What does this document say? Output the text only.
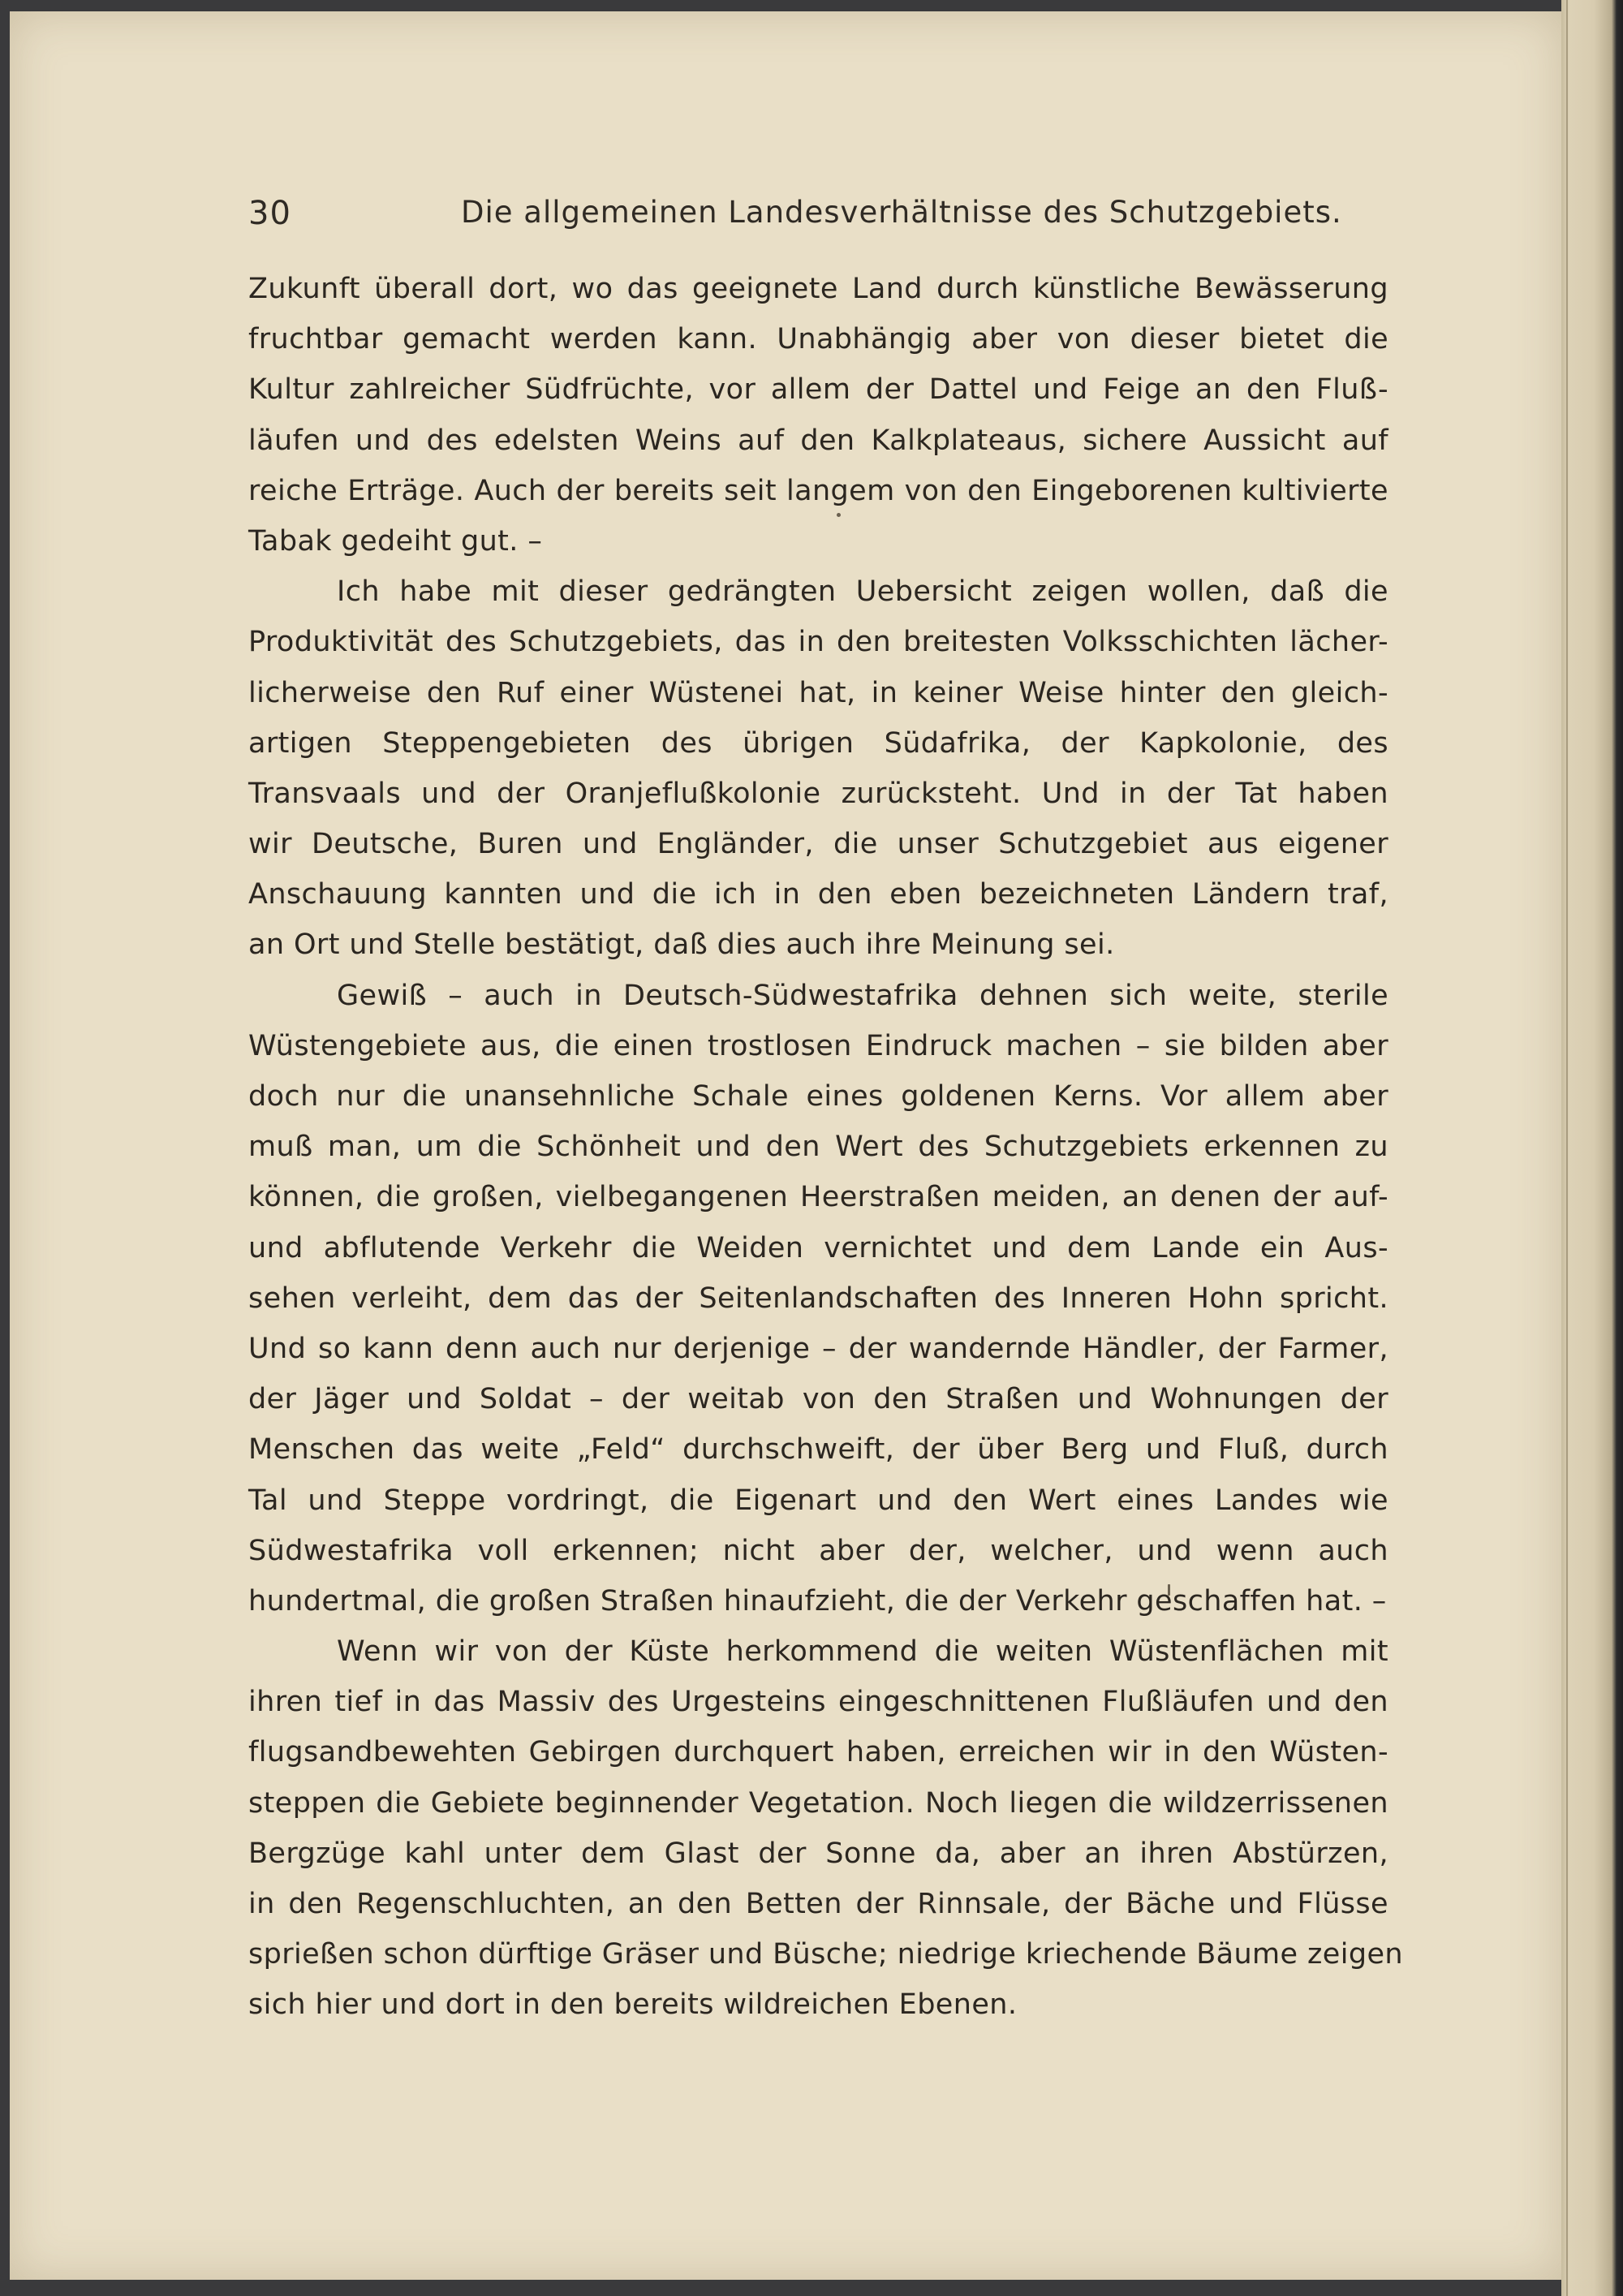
30	Die allgemeinen Landesverhältnisse des Schutzgebiets.
Zukunft überall dort, wo das geeignete Land durch künstliche Bewässerung
fruchtbar gemacht werden kann. Unabhängig aber von dieser bietet die
Kultur zahlreicher Südfrüchte, vor allem der Dattel und Feige an den Fluß-
läufen und des edelsten Weins auf den Kalkplateaus, sichere Aussicht auf
reiche Erträge. Auch der bereits seit langem von den Eingeborenen kultivierte
Tabak gedeiht gut. –
Ich habe mit dieser gedrängten Uebersicht zeigen wollen, daß die
Produktivität des Schutzgebiets, das in den breitesten Volksschichten lächer-
licherweise den Ruf einer Wüstenei hat, in keiner Weise hinter den gleich-
artigen Steppengebieten des übrigen Südafrika, der Kapkolonie, des
Transvaals und der Oranjeflußkolonie zurücksteht. Und in der Tat haben
wir Deutsche, Buren und Engländer, die unser Schutzgebiet aus eigener
Anschauung kannten und die ich in den eben bezeichneten Ländern traf,
an Ort und Stelle bestätigt, daß dies auch ihre Meinung sei.
Gewiß – auch in Deutsch-Südwestafrika dehnen sich weite, sterile
Wüstengebiete aus, die einen trostlosen Eindruck machen – sie bilden aber
doch nur die unansehnliche Schale eines goldenen Kerns. Vor allem aber
muß man, um die Schönheit und den Wert des Schutzgebiets erkennen zu
können, die großen, vielbegangenen Heerstraßen meiden, an denen der auf-
und abflutende Verkehr die Weiden vernichtet und dem Lande ein Aus-
sehen verleiht, dem das der Seitenlandschaften des Inneren Hohn spricht.
Und so kann denn auch nur derjenige – der wandernde Händler, der Farmer,
der Jäger und Soldat – der weitab von den Straßen und Wohnungen der
Menschen das weite „Feld“ durchschweift, der über Berg und Fluß, durch
Tal und Steppe vordringt, die Eigenart und den Wert eines Landes wie
Südwestafrika voll erkennen; nicht aber der, welcher, und wenn auch
hundertmal, die großen Straßen hinaufzieht, die der Verkehr geschaffen hat. –
Wenn wir von der Küste herkommend die weiten Wüstenflächen mit
ihren tief in das Massiv des Urgesteins eingeschnittenen Flußläufen und den
flugsandbewehten Gebirgen durchquert haben, erreichen wir in den Wüsten-
steppen die Gebiete beginnender Vegetation. Noch liegen die wildzerrissenen
Bergzüge kahl unter dem Glast der Sonne da, aber an ihren Abstürzen,
in den Regenschluchten, an den Betten der Rinnsale, der Bäche und Flüsse
sprießen schon dürftige Gräser und Büsche; niedrige kriechende Bäume zeigen
sich hier und dort in den bereits wildreichen Ebenen.
